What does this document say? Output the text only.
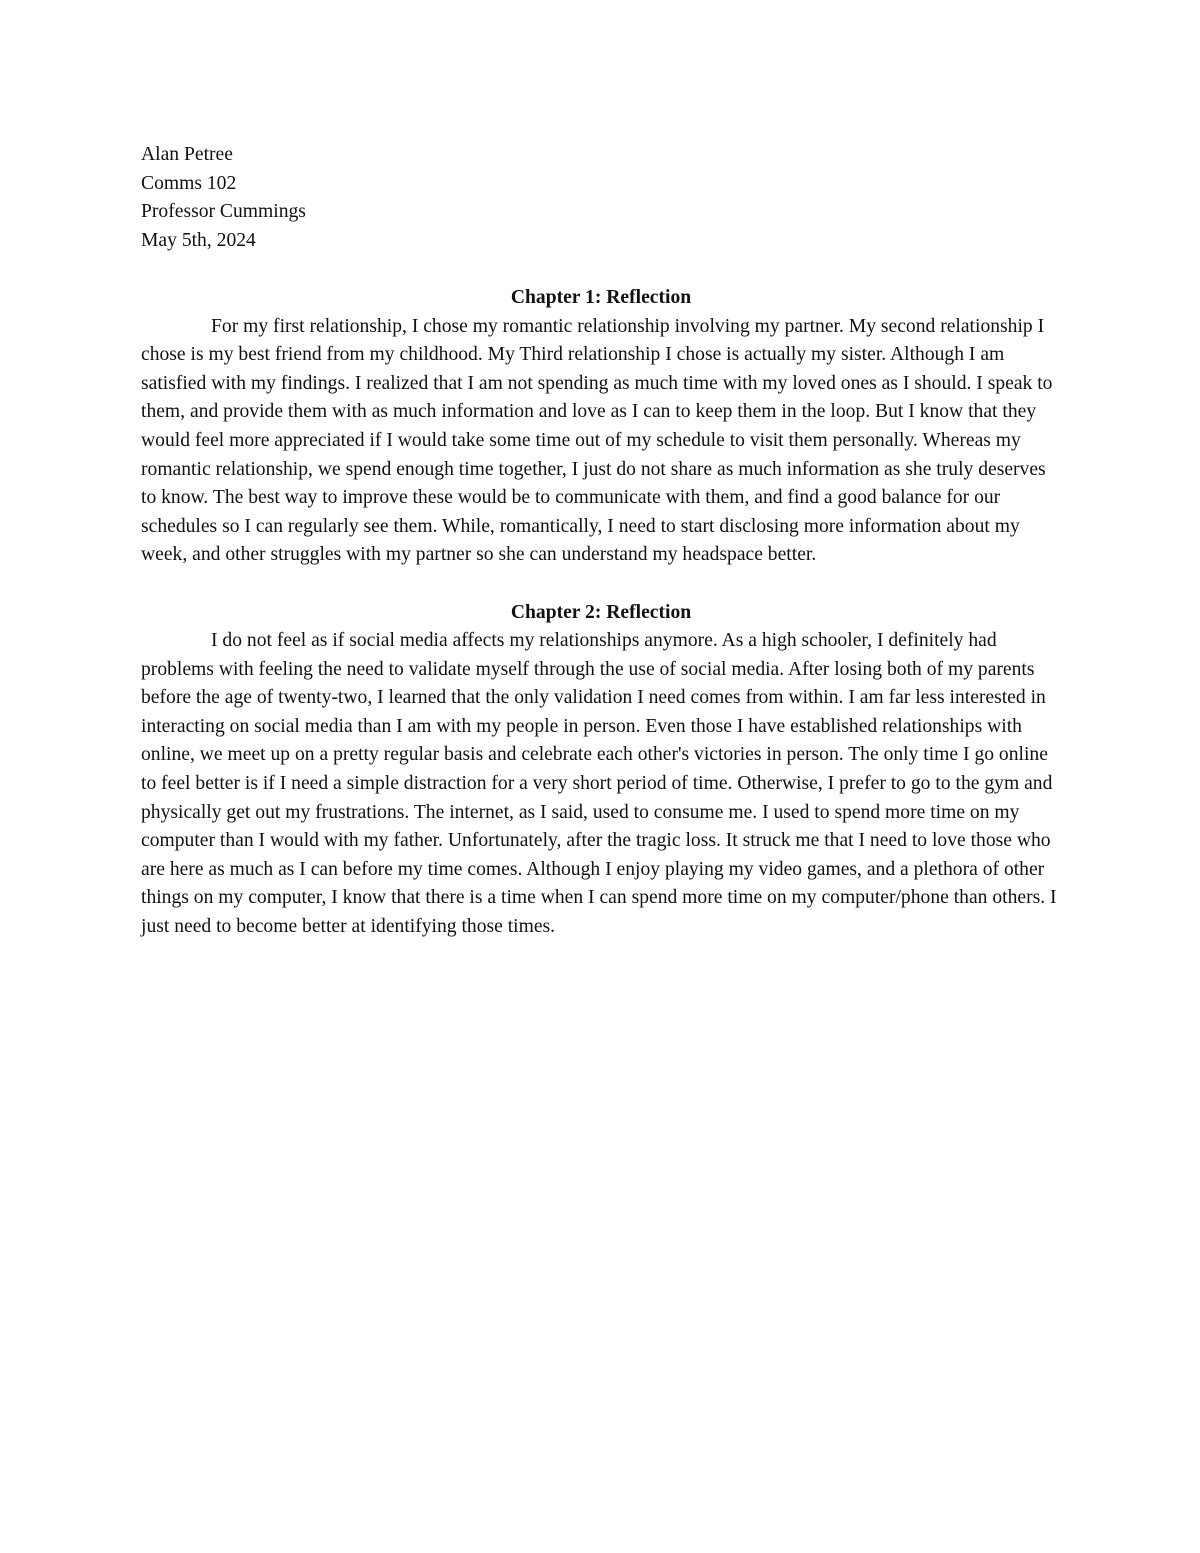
Alan Petree

Comms 102

Professor Cummings

May 5th, 2024

Chapter 1: Reflection

For my first relationship, I chose my romantic relationship involving my partner. My second relationship I chose is my best friend from my childhood. My Third relationship I chose is actually my sister. Although I am satisfied with my findings. I realized that I am not spending as much time with my loved ones as I should. I speak to them, and provide them with as much information and love as I can to keep them in the loop. But I know that they would feel more appreciated if I would take some time out of my schedule to visit them personally. Whereas my romantic relationship, we spend enough time together, I just do not share as much information as she truly deserves to know. The best way to improve these would be to communicate with them, and find a good balance for our schedules so I can regularly see them. While, romantically, I need to start disclosing more information about my week, and other struggles with my partner so she can understand my headspace better.

Chapter 2: Reflection

I do not feel as if social media affects my relationships anymore. As a high schooler, I definitely had problems with feeling the need to validate myself through the use of social media. After losing both of my parents before the age of twenty-two, I learned that the only validation I need comes from within. I am far less interested in interacting on social media than I am with my people in person. Even those I have established relationships with online, we meet up on a pretty regular basis and celebrate each other's victories in person. The only time I go online to feel better is if I need a simple distraction for a very short period of time. Otherwise, I prefer to go to the gym and physically get out my frustrations. The internet, as I said, used to consume me. I used to spend more time on my computer than I would with my father. Unfortunately, after the tragic loss. It struck me that I need to love those who are here as much as I can before my time comes. Although I enjoy playing my video games, and a plethora of other things on my computer, I know that there is a time when I can spend more time on my computer/phone than others. I just need to become better at identifying those times.
